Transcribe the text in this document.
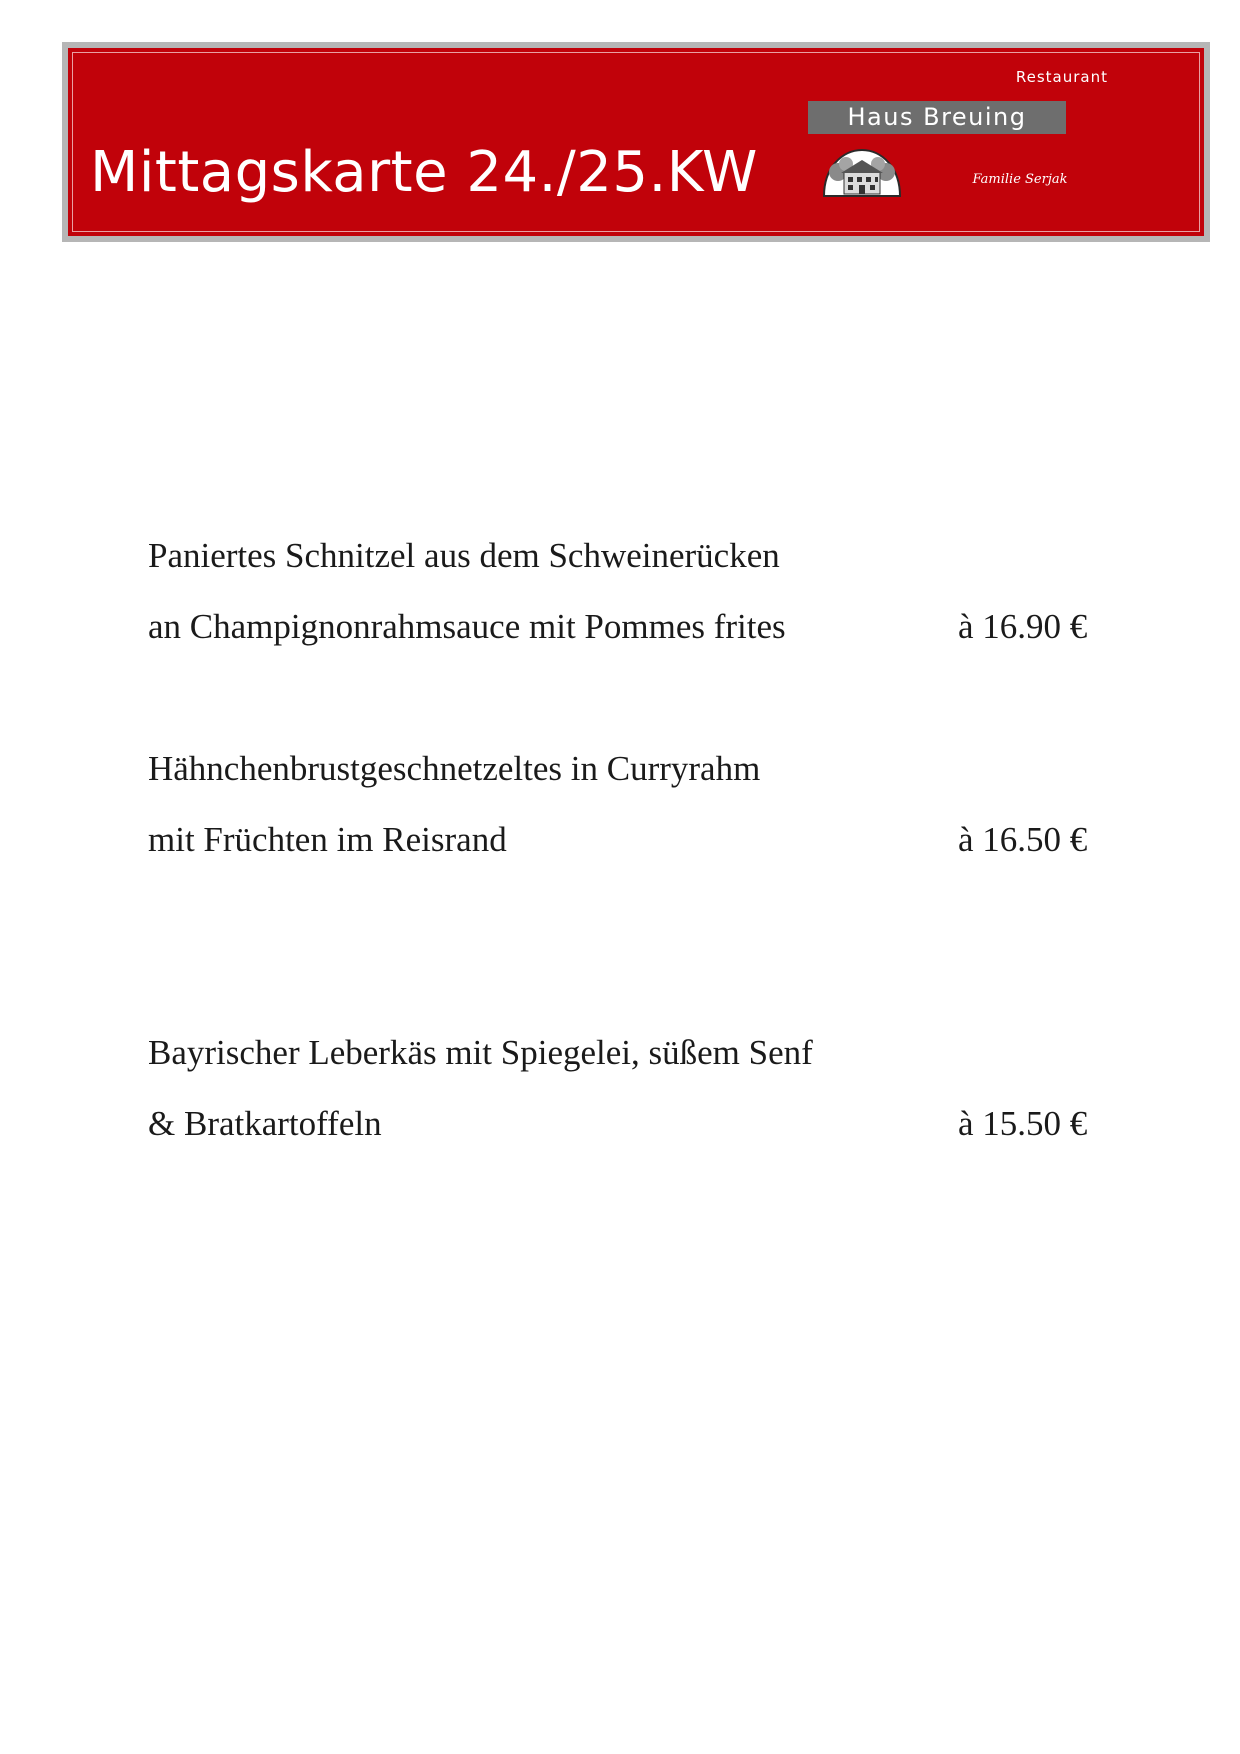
Mittagskarte 24./25.KW
Restaurant
Haus Breuing
Familie Serjak
Paniertes Schnitzel aus dem Schweinerücken
an Champignonrahmsauce mit Pommes frites	à 16.90 €
Hähnchenbrustgeschnetzeltes in Curryrahm
mit Früchten im Reisrand	à 16.50 €
Bayrischer Leberkäs mit Spiegelei, süßem Senf
& Bratkartoffeln	à 15.50 €
